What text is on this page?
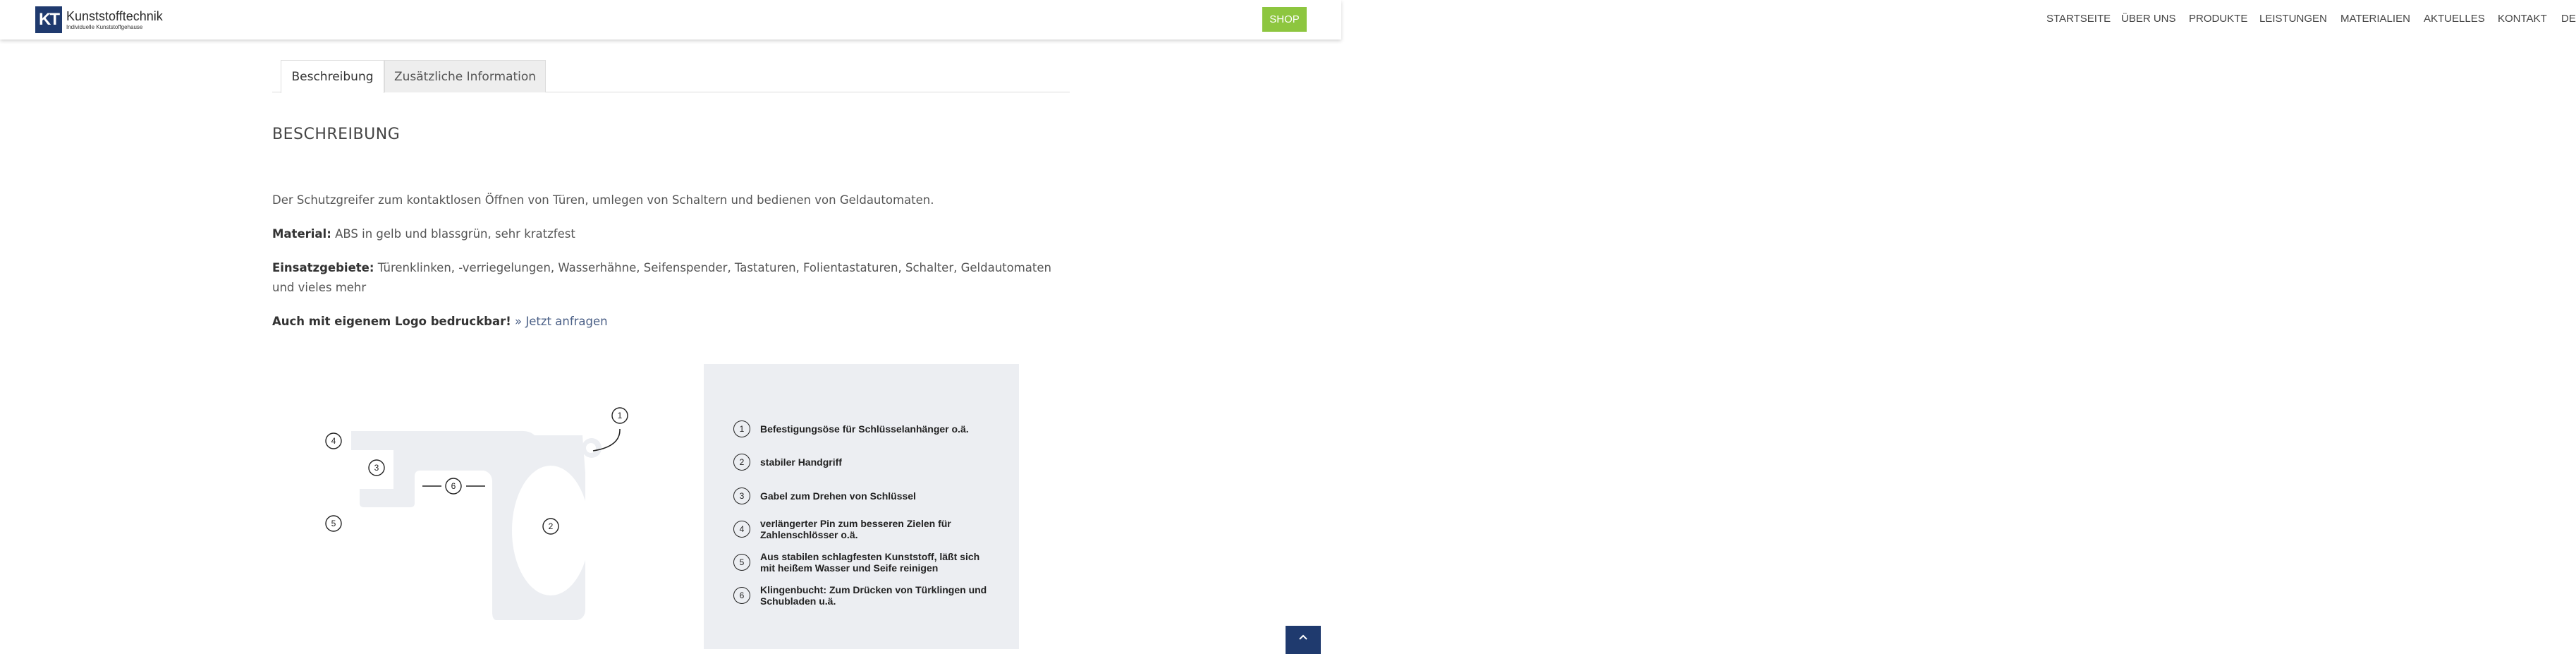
KT Kunststofftechnik
Individuelle Kunststoffgehause
STARTSEITE ÜBER UNS PRODUKTE LEISTUNGEN MATERIALIEN AKTUELLES KONTAKT DE
SHOP
Beschreibung	Zusätzliche Information
BESCHREIBUNG

Der Schutzgreifer zum kontaktlosen Öffnen von Türen, umlegen von Schaltern und bedienen von Geldautomaten.

Material: ABS in gelb und blassgrün, sehr kratzfest

Einsatzgebiete: Türenklinken, -verriegelungen, Wasserhähne, Seifenspender, Tastaturen, Folientastaturen, Schalter, Geldautomaten und vieles mehr

Auch mit eigenem Logo bedruckbar! » Jetzt anfragen

1
2
3
4
5
6
1	Befestigungsöse für Schlüsselanhänger o.ä.
2	stabiler Handgriff
3	Gabel zum Drehen von Schlüssel
4	verlängerter Pin zum besseren Zielen für Zahlenschlösser o.ä.
5	Aus stabilen schlagfesten Kunststoff, läßt sich mit heißem Wasser und Seife reinigen
6	Klingenbucht: Zum Drücken von Türklingen und Schubladen u.ä.
